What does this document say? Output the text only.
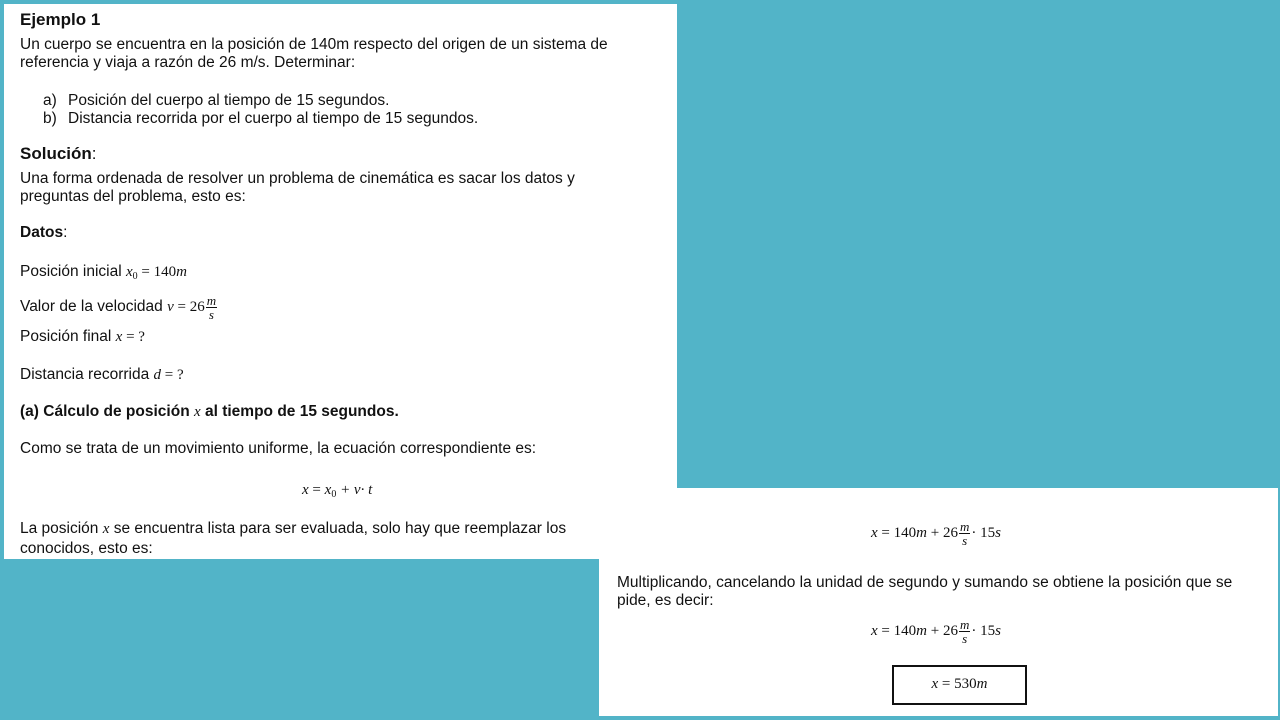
Ejemplo 1
Un cuerpo se encuentra en la posición de 140m respecto del origen de un sistema de
referencia y viaja a razón de 26 m/s. Determinar:
a) Posición del cuerpo al tiempo de 15 segundos.
b) Distancia recorrida por el cuerpo al tiempo de 15 segundos.
Solución:
Una forma ordenada de resolver un problema de cinemática es sacar los datos y
preguntas del problema, esto es:
Datos:
Posición inicial $x_0 = 140m$
Valor de la velocidad $v = 26 \frac{m}{s}$
Posición final x = ?
Distancia recorrida d = ?
(a) Cálculo de posición x al tiempo de 15 segundos.
Como se trata de un movimiento uniforme, la ecuación correspondiente es:
$x = x_0 + v\cdot t$
La posición x se encuentra lista para ser evaluada, solo hay que reemplazar los
conocidos, esto es:
$x = 140m + 26 \frac{m}{s} \cdot 15s$
Multiplicando, cancelando la unidad de segundo y sumando se obtiene la posición que se
pide, es decir:
$x = 140m + 26 \frac{m}{s} \cdot 15s$
x = 530m
